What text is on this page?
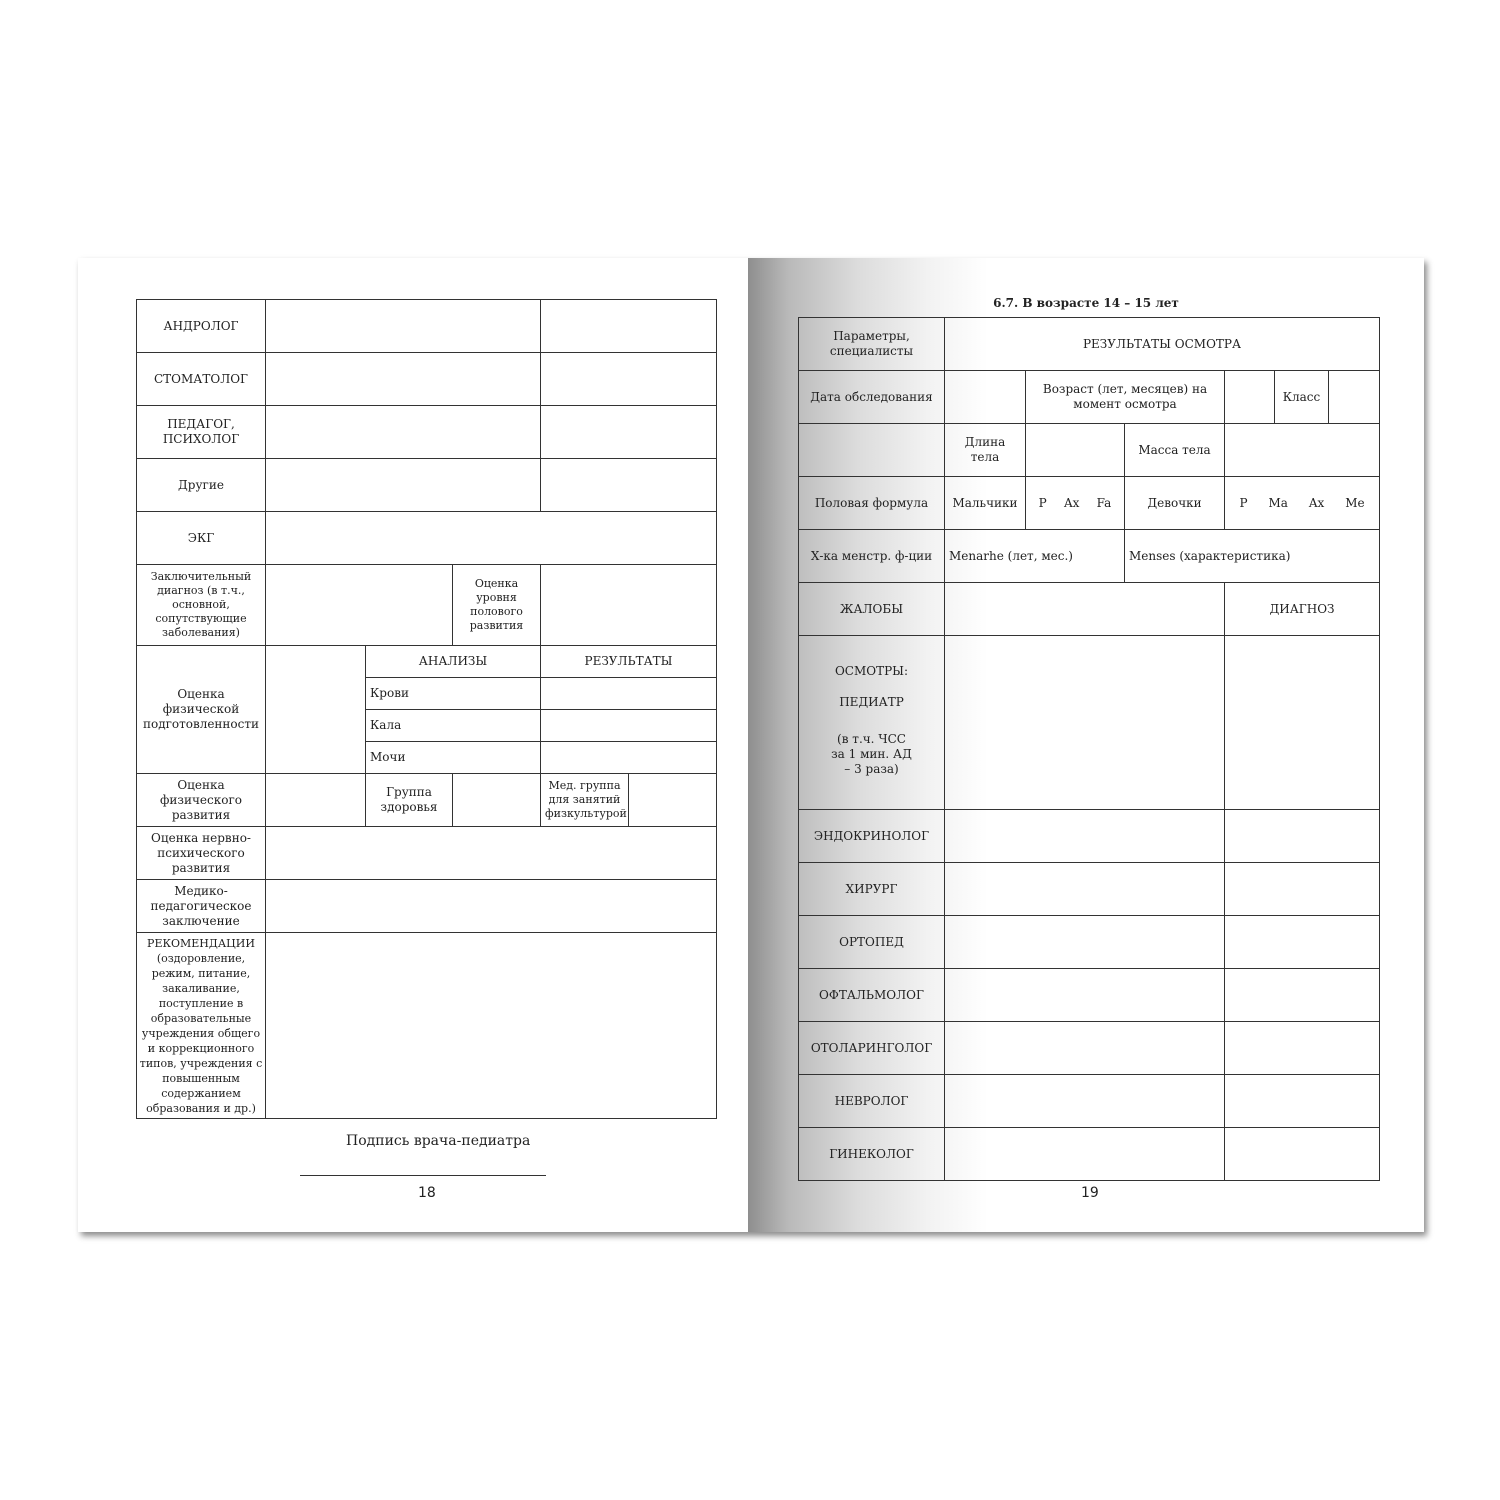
АНДРОЛОГ					
СТОМАТОЛОГ					
ПЕДАГОГ, ПСИХОЛОГ					
Другие					
ЭКГ					
Заключительный диагноз (в т.ч., основной, сопутствующие заболевания)			Оценка уровня полового развития		
Оценка физической подготовленности		АНАЛИЗЫ		РЕЗУЛЬТАТЫ	
		Крови			
		Кала			
		Мочи			
Оценка физического развития		Группа здоровья		Мед. группа для занятий физкультурой	
Оценка нервно-психического развития					
Медико-педагогическое заключение					
РЕКОМЕНДАЦИИ (оздоровление, режим, питание, закаливание, поступление в образовательные учреждения общего и коррекционного типов, учреждения с повышенным содержанием образования и др.)					
Подпись врача-педиатра
18
6.7. В возрасте 14 – 15 лет
Параметры, специалисты	РЕЗУЛЬТАТЫ ОСМОТРА					
Дата обследования		Возраст (лет, месяцев) на момент осмотра			Класс	
	Длина тела		Масса тела			
Половая формула	Мальчики	P Ax Fa	Девочки	P Ma Ax Me		

Х-ка менстр. ф-ции	Menarhe (лет, мес.)		Menses (характеристика)			
ЖАЛОБЫ				ДИАГНОЗ		

ОСМОТРЫ:
ПЕДИАТР
(в т.ч. ЧСС за 1 мин. АД – 3 раза)						

ЭНДОКРИНОЛОГ						
ХИРУРГ						
ОРТОПЕД						
ОФТАЛЬМОЛОГ						
ОТОЛАРИНГОЛОГ						
НЕВРОЛОГ						
ГИНЕКОЛОГ						
19
